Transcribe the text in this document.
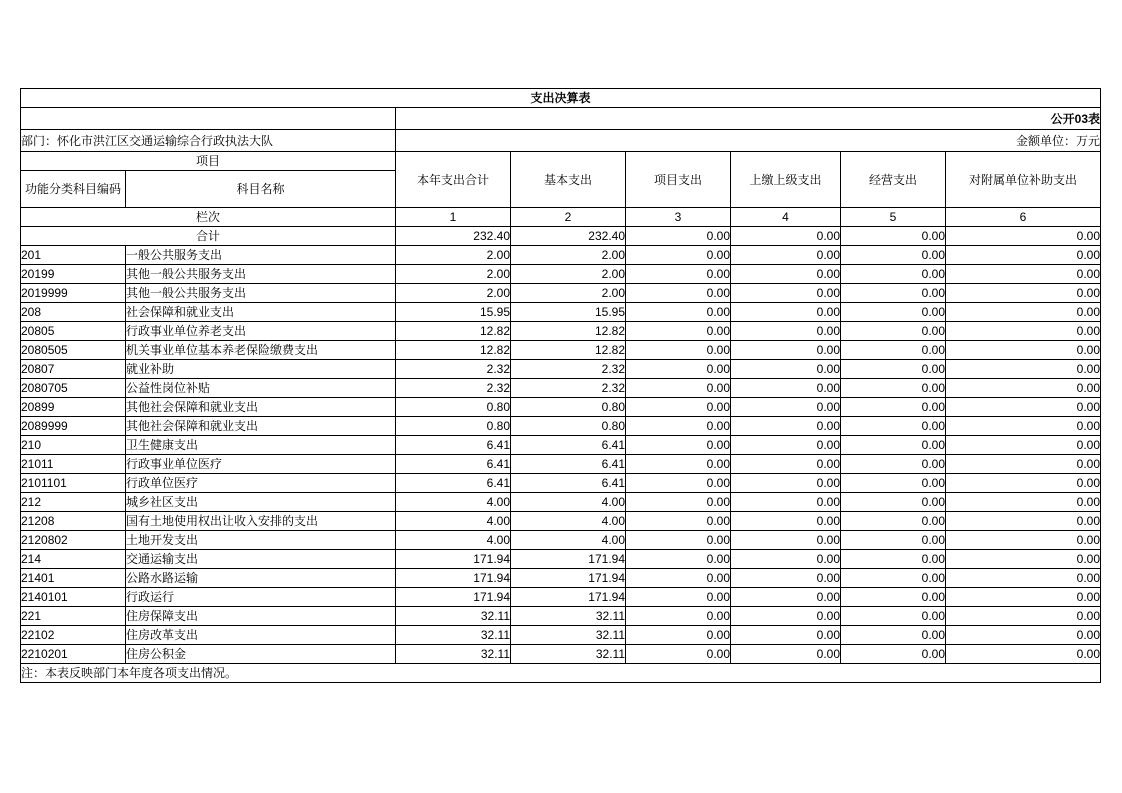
支出决算表							
		公开03表					
部门：怀化市洪江区交通运输综合行政执法大队		金额单位：万元					
项目		本年支出合计	基本支出	项目支出	上缴上级支出	经营支出	对附属单位补助支出
功能分类科目编码	科目名称						
栏次		1	2	3	4	5	6
合计		232.40	232.40	0.00	0.00	0.00	0.00
201	一般公共服务支出	2.00	2.00	0.00	0.00	0.00	0.00
20199	其他一般公共服务支出	2.00	2.00	0.00	0.00	0.00	0.00
2019999	其他一般公共服务支出	2.00	2.00	0.00	0.00	0.00	0.00
208	社会保障和就业支出	15.95	15.95	0.00	0.00	0.00	0.00
20805	行政事业单位养老支出	12.82	12.82	0.00	0.00	0.00	0.00
2080505	机关事业单位基本养老保险缴费支出	12.82	12.82	0.00	0.00	0.00	0.00
20807	就业补助	2.32	2.32	0.00	0.00	0.00	0.00
2080705	公益性岗位补贴	2.32	2.32	0.00	0.00	0.00	0.00
20899	其他社会保障和就业支出	0.80	0.80	0.00	0.00	0.00	0.00
2089999	其他社会保障和就业支出	0.80	0.80	0.00	0.00	0.00	0.00
210	卫生健康支出	6.41	6.41	0.00	0.00	0.00	0.00
21011	行政事业单位医疗	6.41	6.41	0.00	0.00	0.00	0.00
2101101	行政单位医疗	6.41	6.41	0.00	0.00	0.00	0.00
212	城乡社区支出	4.00	4.00	0.00	0.00	0.00	0.00
21208	国有土地使用权出让收入安排的支出	4.00	4.00	0.00	0.00	0.00	0.00
2120802	土地开发支出	4.00	4.00	0.00	0.00	0.00	0.00
214	交通运输支出	171.94	171.94	0.00	0.00	0.00	0.00
21401	公路水路运输	171.94	171.94	0.00	0.00	0.00	0.00
2140101	行政运行	171.94	171.94	0.00	0.00	0.00	0.00
221	住房保障支出	32.11	32.11	0.00	0.00	0.00	0.00
22102	住房改革支出	32.11	32.11	0.00	0.00	0.00	0.00
2210201	住房公积金	32.11	32.11	0.00	0.00	0.00	0.00
注：本表反映部门本年度各项支出情况。							
